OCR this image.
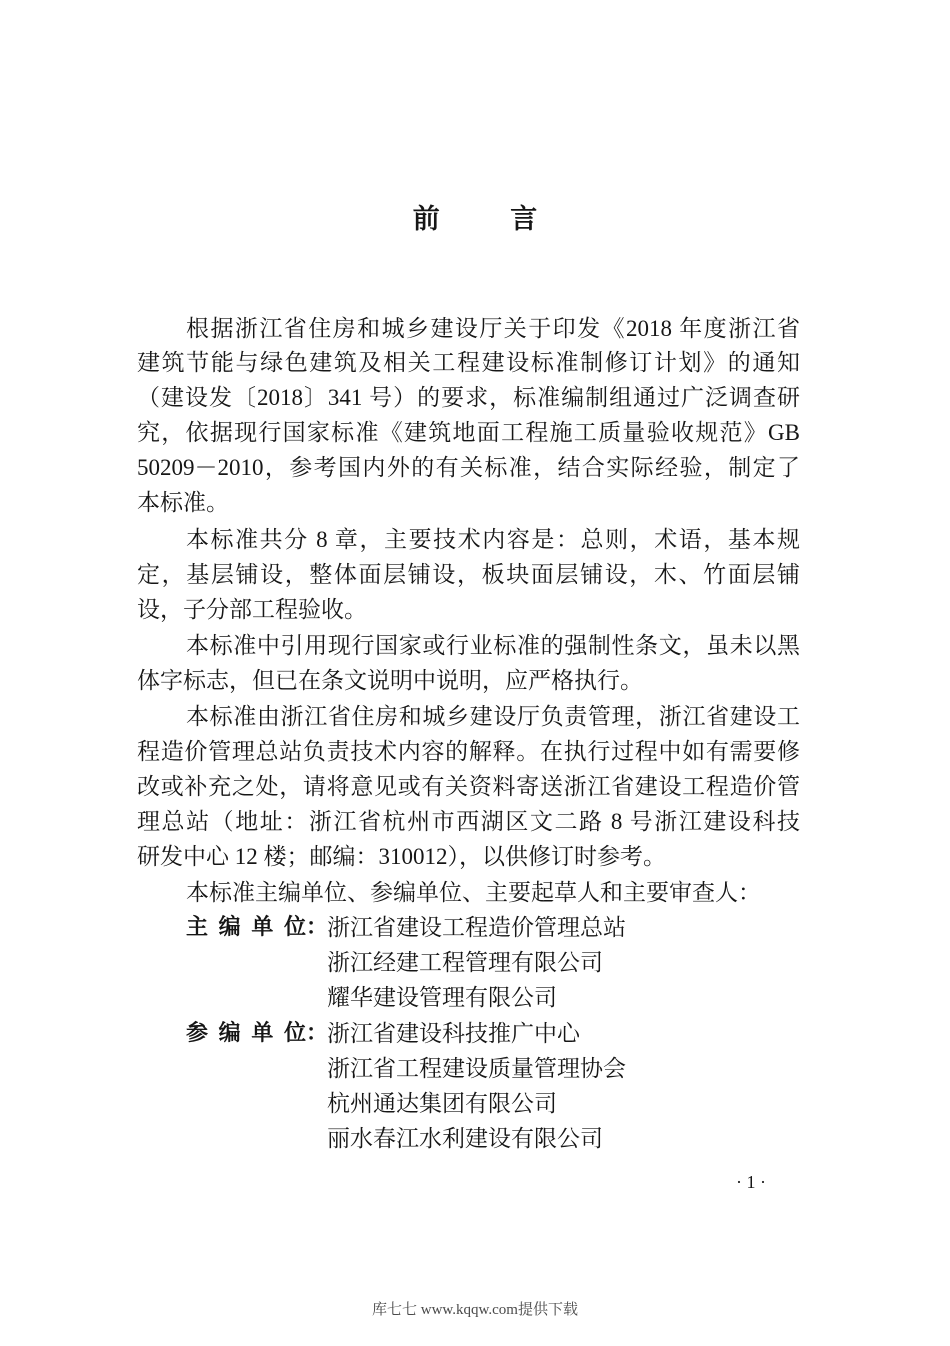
前 言
根据浙江省住房和城乡建设厅关于印发《2018 年度浙江省
建筑节能与绿色建筑及相关工程建设标准制修订计划》的通知
（建设发〔2018〕341 号）的要求，标准编制组通过广泛调查研
究，依据现行国家标准《建筑地面工程施工质量验收规范》GB
50209－2010，参考国内外的有关标准，结合实际经验，制定了
本标准。
本标准共分 8 章，主要技术内容是：总则，术语，基本规
定，基层铺设，整体面层铺设，板块面层铺设，木、竹面层铺
设，子分部工程验收。
本标准中引用现行国家或行业标准的强制性条文，虽未以黑
体字标志，但已在条文说明中说明，应严格执行。
本标准由浙江省住房和城乡建设厅负责管理，浙江省建设工
程造价管理总站负责技术内容的解释。在执行过程中如有需要修
改或补充之处，请将意见或有关资料寄送浙江省建设工程造价管
理总站（地址：浙江省杭州市西湖区文二路 8 号浙江建设科技
研发中心 12 楼；邮编：310012），以供修订时参考。
本标准主编单位、参编单位、主要起草人和主要审查人：
主 编 单 位： 浙江省建设工程造价管理总站
浙江经建工程管理有限公司
耀华建设管理有限公司
参 编 单 位： 浙江省建设科技推广中心
浙江省工程建设质量管理协会
杭州通达集团有限公司
丽水春江水利建设有限公司
· 1 ·
库七七 www.kqqw.com提供下载
